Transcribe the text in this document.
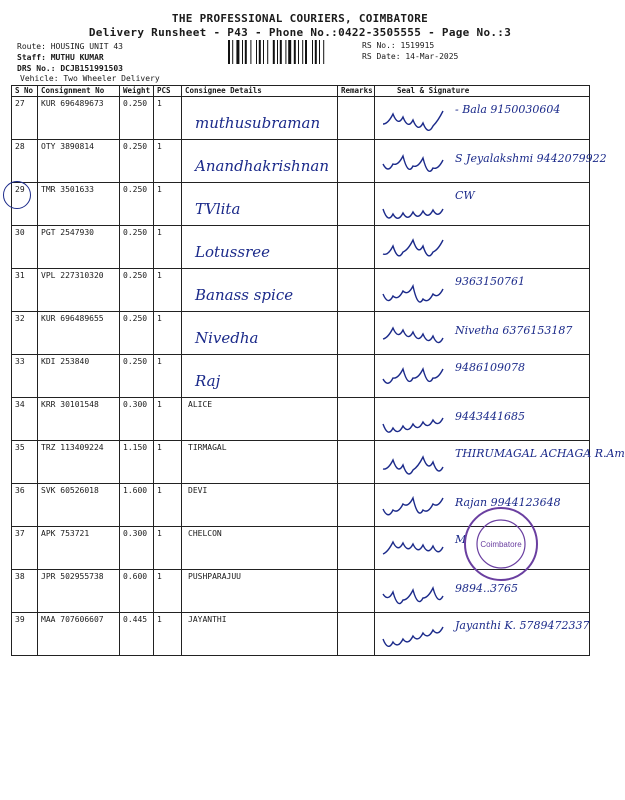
THE PROFESSIONAL COURIERS, COIMBATORE
Delivery Runsheet - P43 - Phone No.:0422-3505555 - Page No.:3
Route: HOUSING UNIT 43
Staff: MUTHU KUMAR
DRS No.: DCJB151991503
Vehicle: Two Wheeler Delivery
RS No.: 1519915
RS Date: 14-Mar-2025
S No	Consignment No	Weight	PCS	Consignee Details	Remarks	Seal & Signature
27	KUR 696489673	0.250	1	muthusubraman		- Bala 9150030604

28	OTY 3890814	0.250	1	Anandhakrishnan		S Jeyalakshmi 9442079922

29	TMR 3501633	0.250	1	TVlita		CW

30	PGT 2547930	0.250	1	Lotussree

31	VPL 227310320	0.250	1	Banass spice		9363150761

32	KUR 696489655	0.250	1	Nivedha		Nivetha 6376153187

33	KDI 253840	0.250	1	Raj		9486109078

34	KRR 30101548	0.300	1	ALICE		9443441685

35	TRZ 113409224	1.150	1	TIRMAGAL		THIRUMAGAL ACHAGA R.Am

36	SVK 60526018	1.600	1	DEVI		Rajan 9944123648

37	APK 753721	0.300	1	CHELCON		M

38	JPR 502955738	0.600	1	PUSHPARAJUU		9894..3765

39	MAA 707606607	0.445	1	JAYANTHI		Jayanthi K. 5789472337
Coimbatore
